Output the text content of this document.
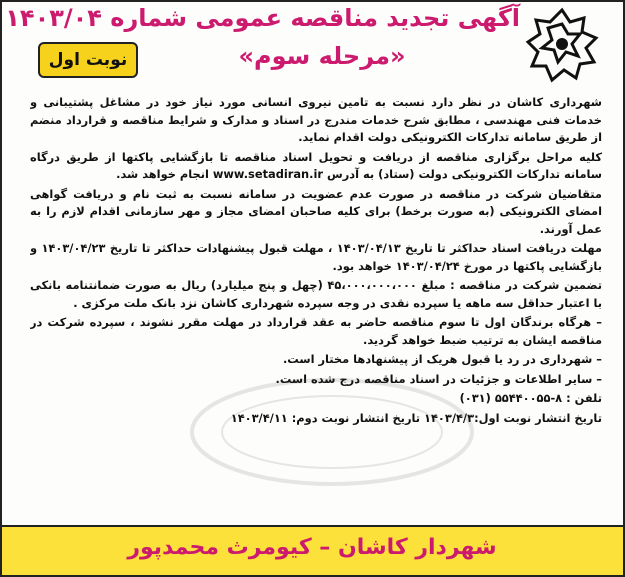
آگهی تجدید مناقصه عمومی شماره ۱۴۰۳/۰۴
«مرحله سوم»
نوبت اول

شهرداری کاشان در نظر دارد نسبت به تامین نیروی انسانی مورد نیاز خود در مشاغل پشتیبانی و خدمات فنی مهندسی ، مطابق شرح خدمات مندرج در اسناد و مدارک و شرایط مناقصه و قرارداد منضم از طریق سامانه تدارکات الکترونیکی دولت اقدام نماید.

کلیه مراحل برگزاری مناقصه از دریافت و تحویل اسناد مناقصه تا بازگشایی پاکتها از طریق درگاه سامانه تدارکات الکترونیکی دولت (ستاد) به آدرس www.setadiran.ir انجام خواهد شد.

متقاضیان شرکت در مناقصه در صورت عدم عضویت در سامانه نسبت به ثبت نام و دریافت گواهی امضای الکترونیکی (به صورت برخط) برای کلیه صاحبان امضای مجاز و مهر سازمانی اقدام لازم را به عمل آورند.

مهلت دریافت اسناد حداکثر تا تاریخ ۱۴۰۳/۰۴/۱۳ ، مهلت قبول پیشنهادات حداکثر تا تاریخ ۱۴۰۳/۰۴/۲۳ و بازگشایی پاکتها در مورخ ۱۴۰۳/۰۴/۲۴ خواهد بود.

تضمین شرکت در مناقصه : مبلغ ۴۵،۰۰۰،۰۰۰،۰۰۰ (چهل و پنج میلیارد) ریال به صورت ضمانتنامه بانکی با اعتبار حداقل سه ماهه یا سپرده نقدی در وجه سپرده شهرداری کاشان نزد بانک ملت مرکزی .

– هرگاه برندگان اول تا سوم مناقصه حاضر به عقد قرارداد در مهلت مقرر نشوند ، سپرده شرکت در مناقصه ایشان به ترتیب ضبط خواهد گردید.

– شهرداری در رد یا قبول هریک از پیشنهادها مختار است.

– سایر اطلاعات و جزئیات در اسناد مناقصه درج شده است.

تلفن : ۸-۵۵۴۴۰۰۵۵ (۰۳۱)

تاریخ انتشار نوبت اول:۱۴۰۳/۴/۳ تاریخ انتشار نوبت دوم: ۱۴۰۳/۴/۱۱

شهردار کاشان – کیومرث محمدپور
